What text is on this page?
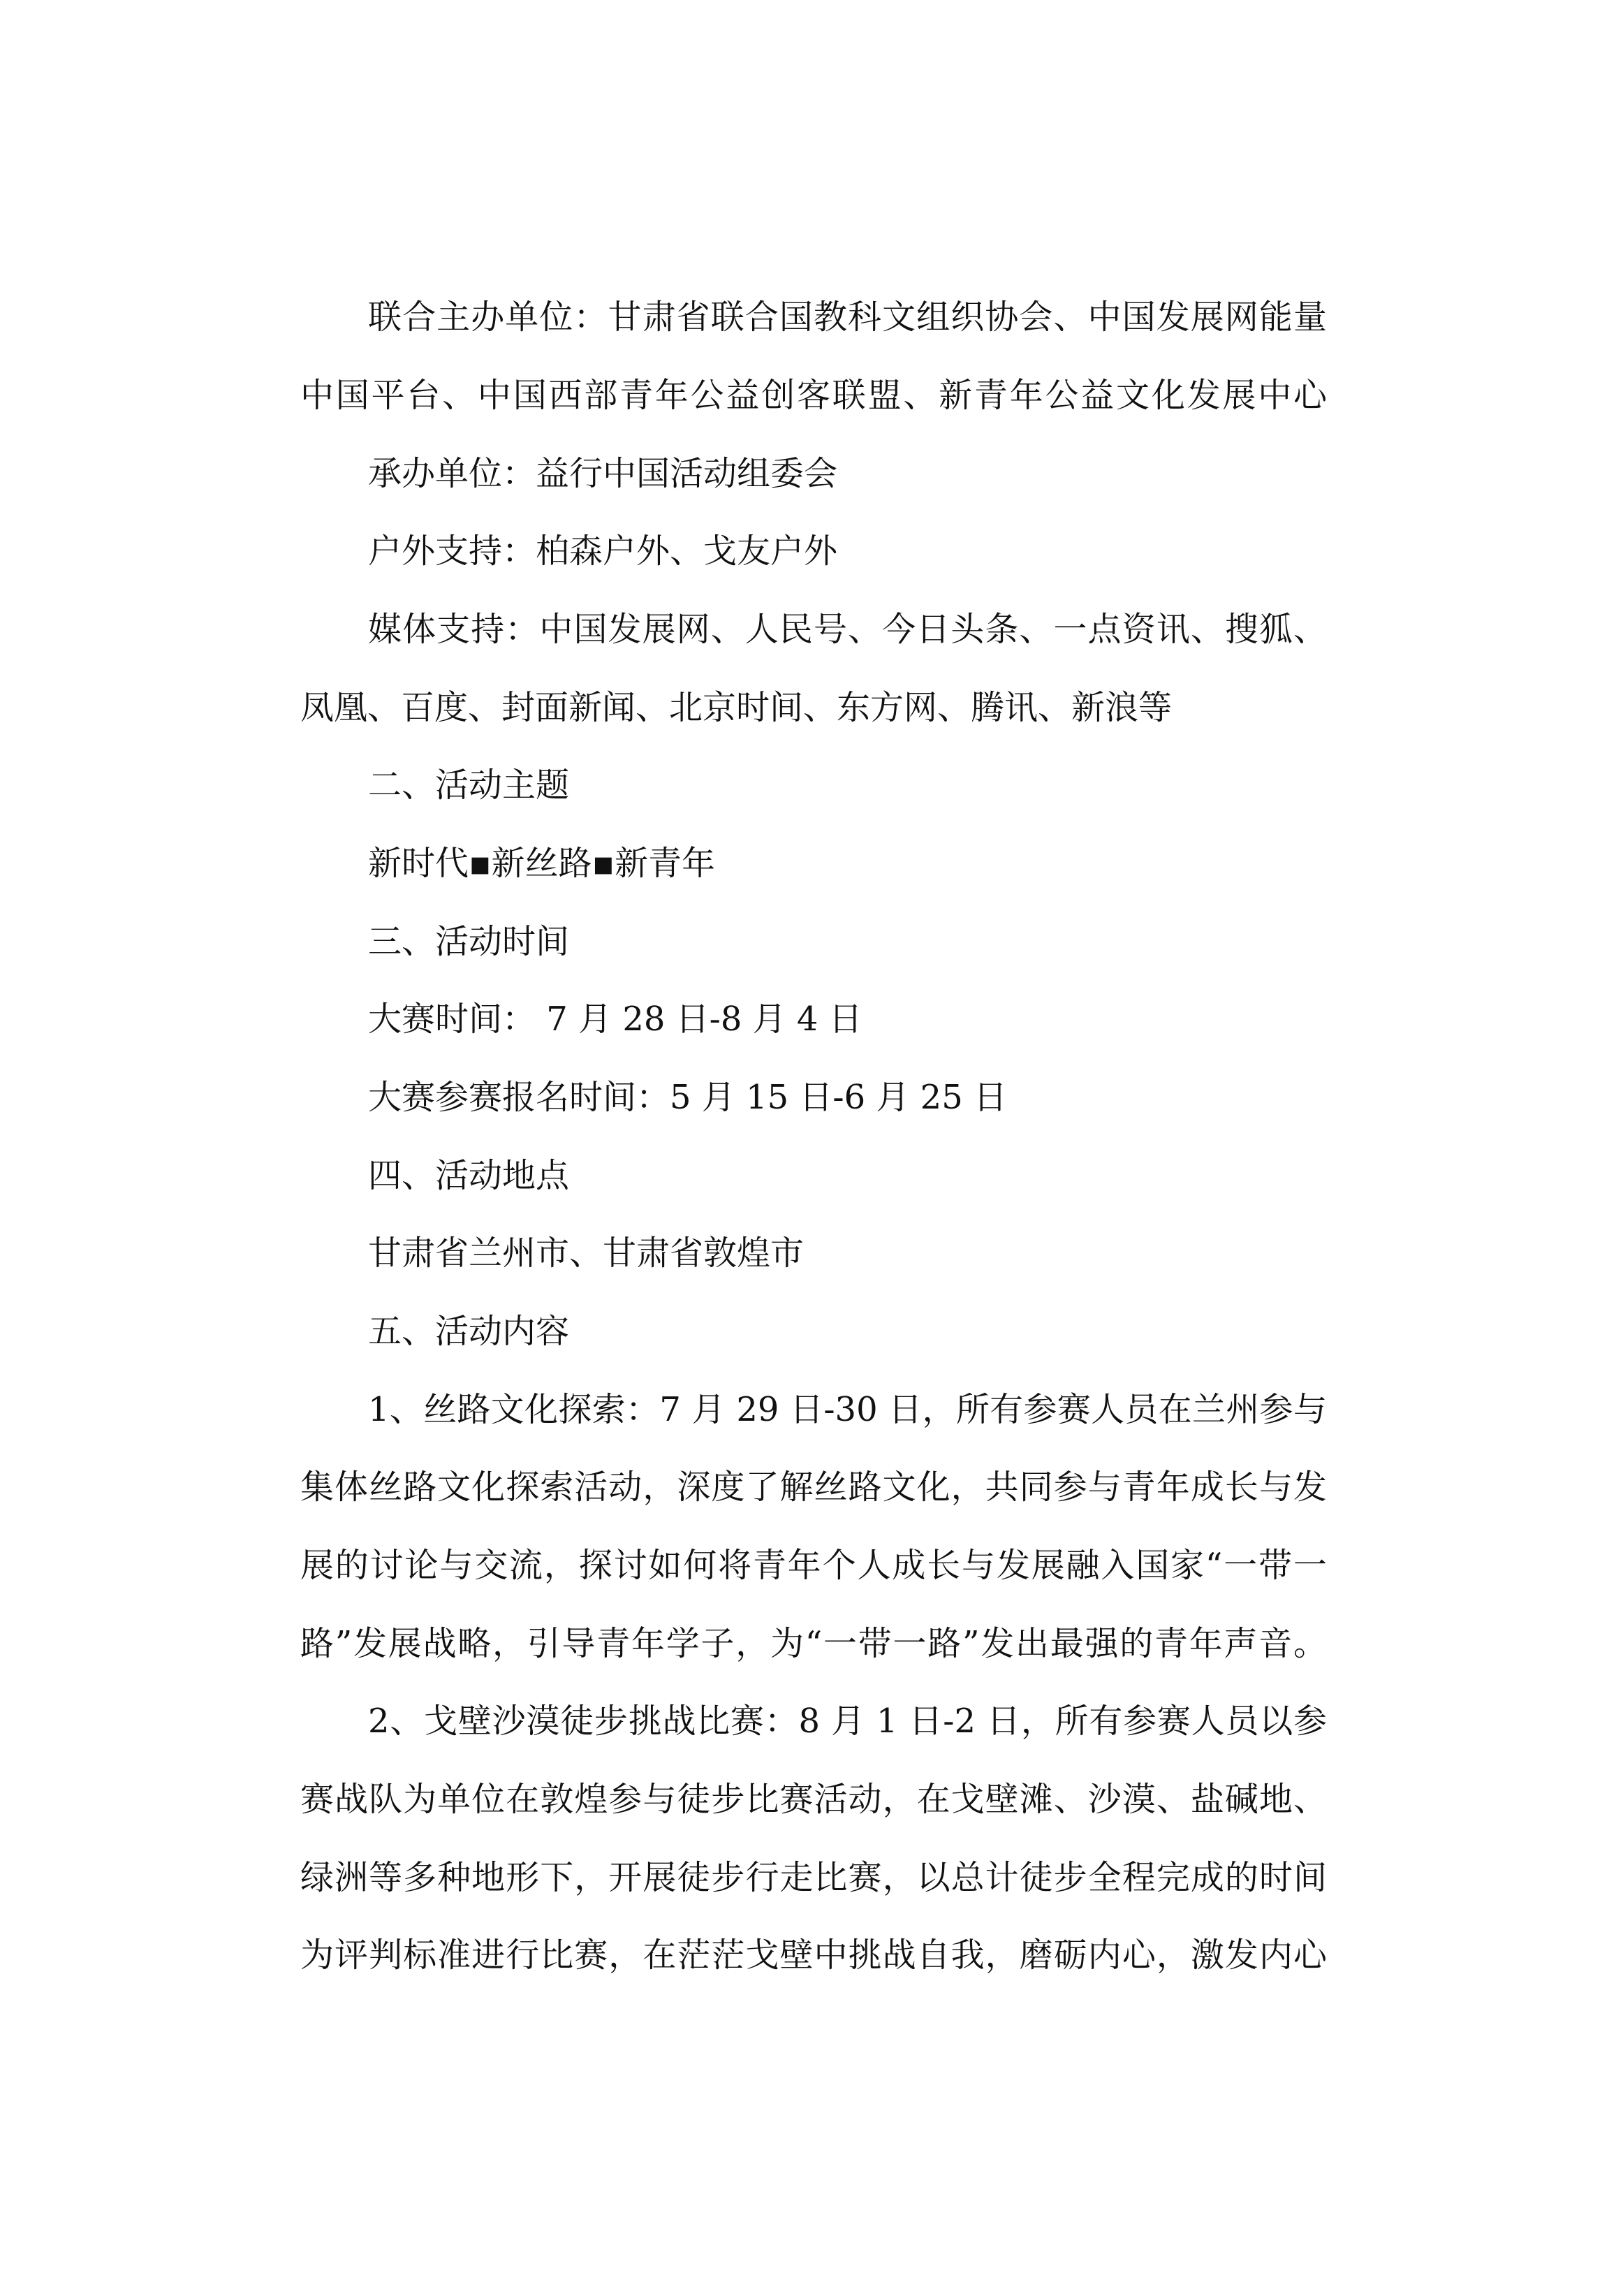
联合主办单位：甘肃省联合国教科文组织协会、中国发展网能量

中国平台、中国西部青年公益创客联盟、新青年公益文化发展中心

承办单位：益行中国活动组委会

户外支持：柏森户外、戈友户外

媒体支持：中国发展网、人民号、今日头条、一点资讯、搜狐、

凤凰、百度、封面新闻、北京时间、东方网、腾讯、新浪等

二、活动主题

新时代▪新丝路▪新青年

三、活动时间

大赛时间： 7 月 28 日-8 月 4 日

大赛参赛报名时间：5 月 15 日-6 月 25 日

四、活动地点

甘肃省兰州市、甘肃省敦煌市

五、活动内容

1、丝路文化探索：7 月 29 日-30 日，所有参赛人员在兰州参与

集体丝路文化探索活动，深度了解丝路文化，共同参与青年成长与发

展的讨论与交流，探讨如何将青年个人成长与发展融入国家“一带一

路”发展战略，引导青年学子，为“一带一路”发出最强的青年声音。

2、戈壁沙漠徒步挑战比赛：8 月 1 日-2 日，所有参赛人员以参

赛战队为单位在敦煌参与徒步比赛活动，在戈壁滩、沙漠、盐碱地、

绿洲等多种地形下，开展徒步行走比赛，以总计徒步全程完成的时间

为评判标准进行比赛，在茫茫戈壁中挑战自我，磨砺内心，激发内心
